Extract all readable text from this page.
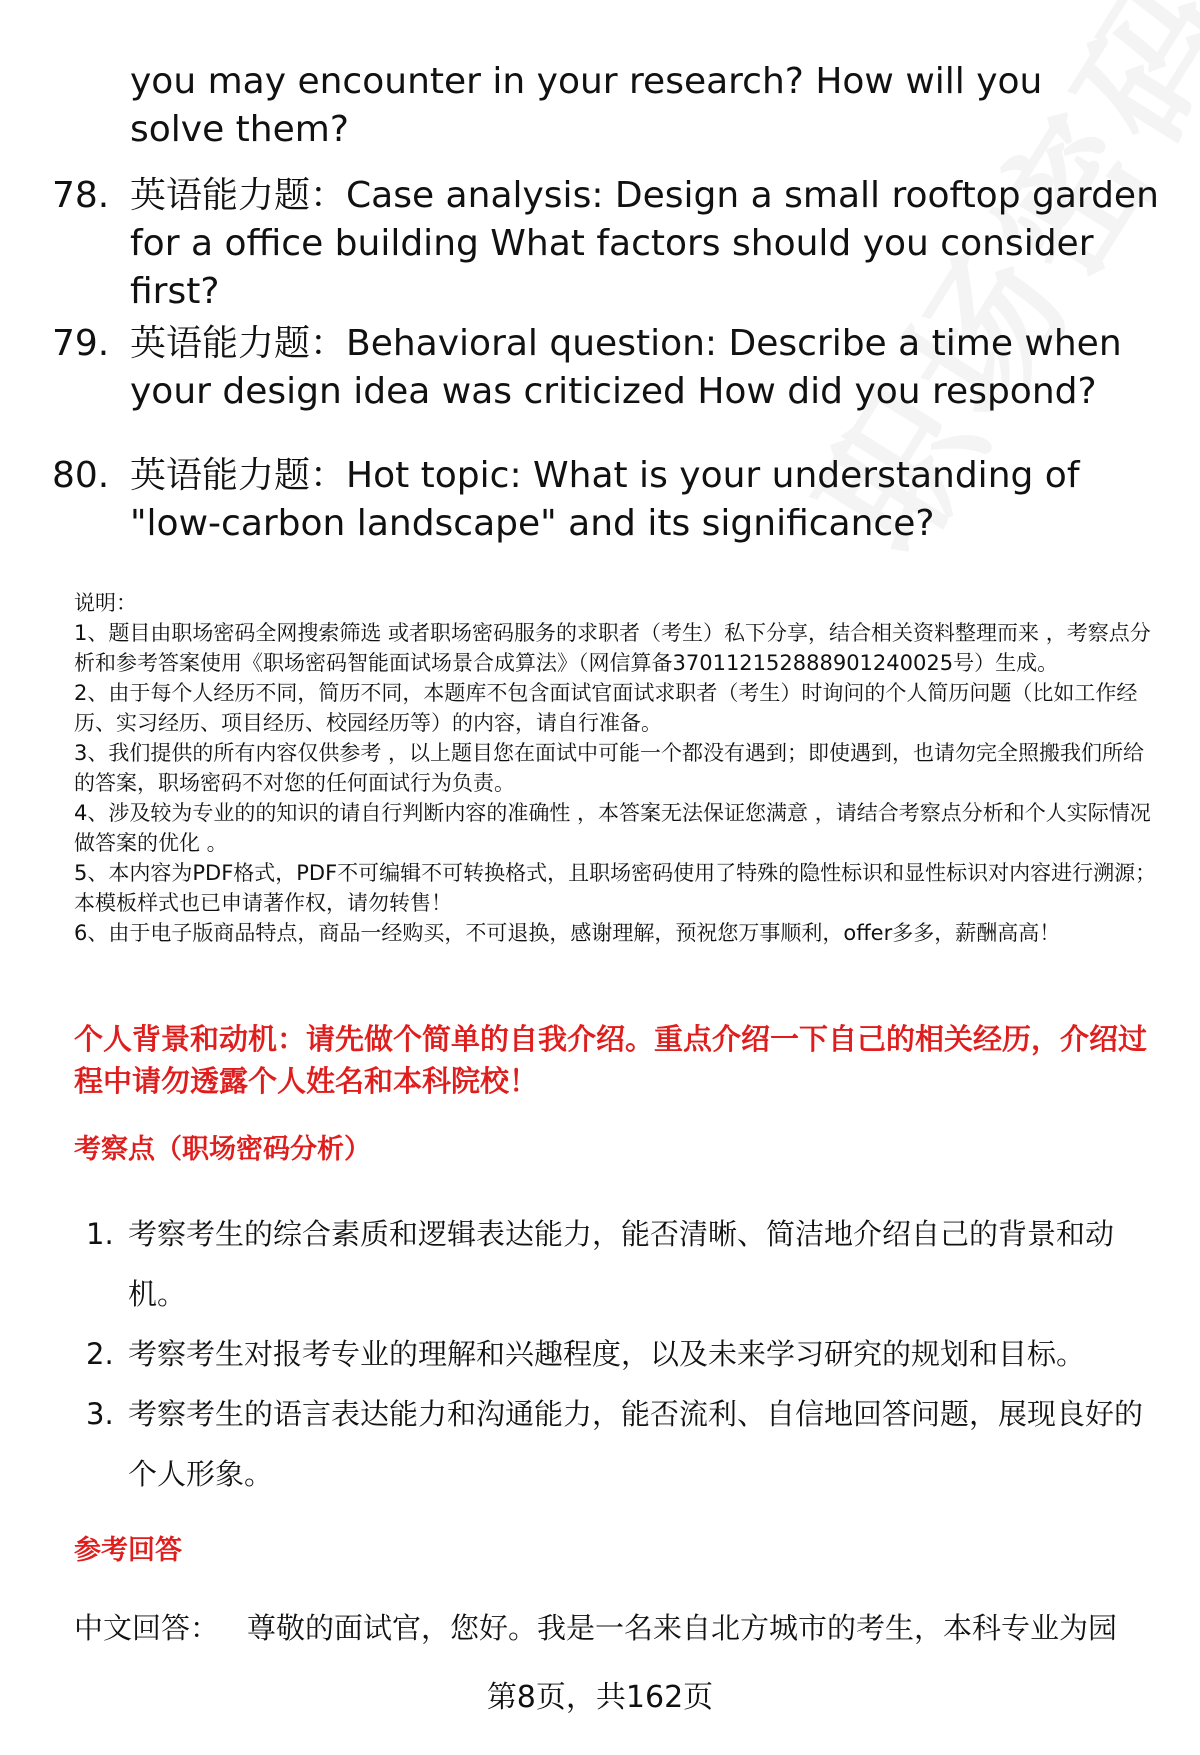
you may encounter in your research? How will you solve them?
78. 英语能力题：Case analysis: Design a small rooftop garden for a office building What factors should you consider first?
79. 英语能力题：Behavioral question: Describe a time when your design idea was criticized How did you respond?
80. 英语能力题：Hot topic: What is your understanding of "low-carbon landscape" and its significance?
说明：
1、题目由职场密码全网搜索筛选 或者职场密码服务的求职者（考生）私下分享，结合相关资料整理而来 ，考察点分析和参考答案使用《职场密码智能面试场景合成算法》（网信算备370112152888901240025号）生成。
2、由于每个人经历不同，简历不同，本题库不包含面试官面试求职者（考生）时询问的个人简历问题（比如工作经历、实习经历、项目经历、校园经历等）的内容，请自行准备。
3、我们提供的所有内容仅供参考 ，以上题目您在面试中可能一个都没有遇到；即使遇到，也请勿完全照搬我们所给的答案，职场密码不对您的任何面试行为负责。
4、涉及较为专业的的知识的请自行判断内容的准确性 ，本答案无法保证您满意 ，请结合考察点分析和个人实际情况做答案的优化 。
5、本内容为PDF格式，PDF不可编辑不可转换格式，且职场密码使用了特殊的隐性标识和显性标识对内容进行溯源；本模板样式也已申请著作权，请勿转售！
6、由于电子版商品特点，商品一经购买，不可退换，感谢理解，预祝您万事顺利，offer多多，薪酬高高！
个人背景和动机：请先做个简单的自我介绍。重点介绍一下自己的相关经历，介绍过程中请勿透露个人姓名和本科院校！
考察点（职场密码分析）
1. 考察考生的综合素质和逻辑表达能力，能否清晰、简洁地介绍自己的背景和动机。
2. 考察考生对报考专业的理解和兴趣程度，以及未来学习研究的规划和目标。
3. 考察考生的语言表达能力和沟通能力，能否流利、自信地回答问题，展现良好的个人形象。
参考回答
中文回答： 尊敬的面试官，您好。我是一名来自北方城市的考生，本科专业为园
第8页，共162页
